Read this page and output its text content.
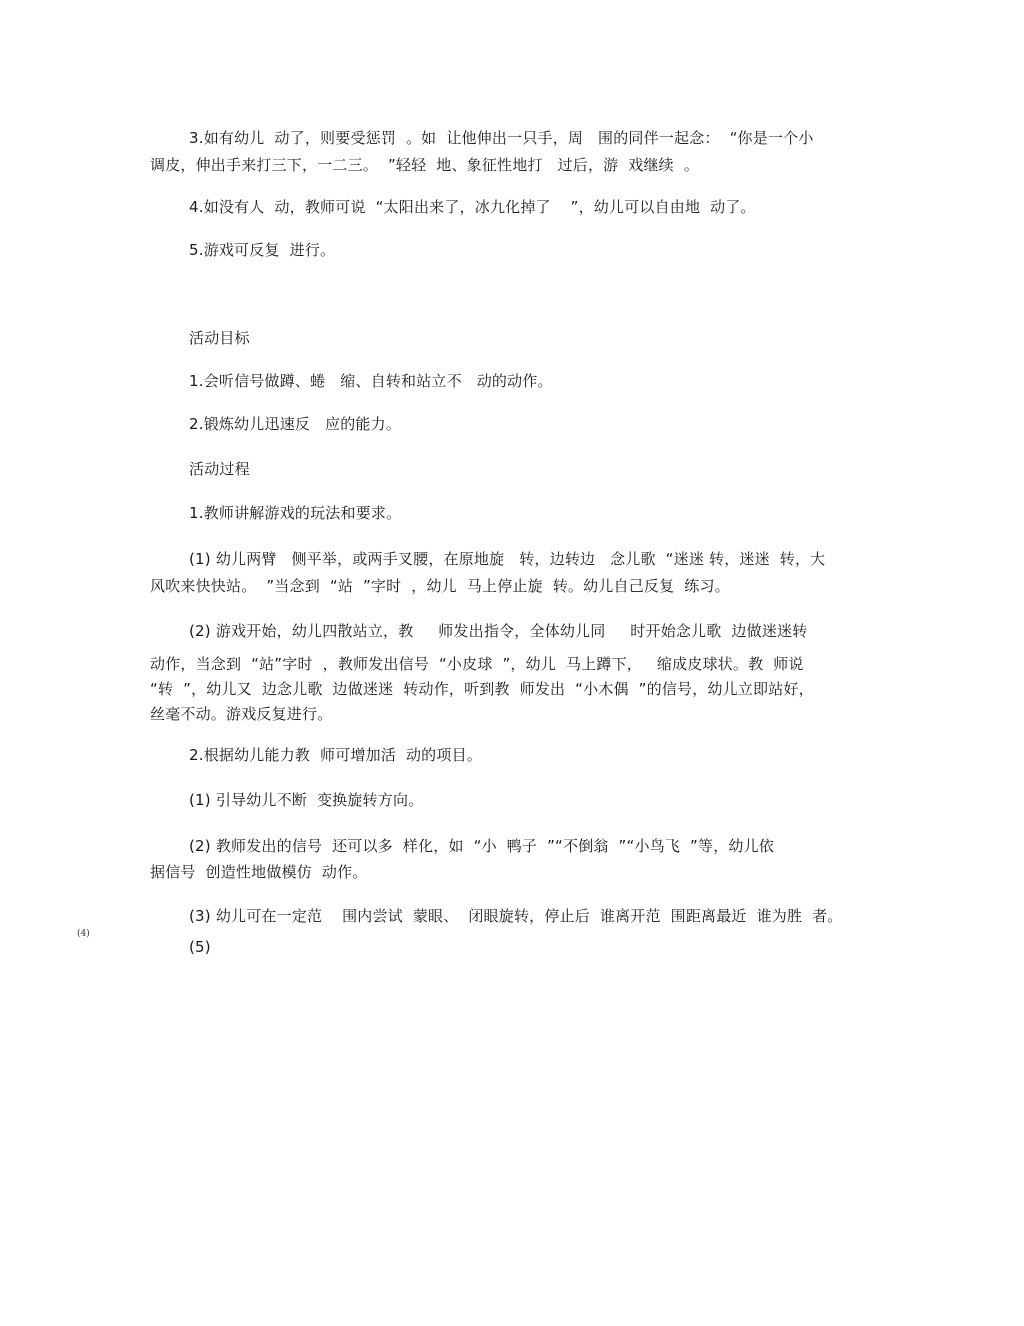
3.如有幼儿  动了，则要受惩罚  。如  让他伸出一只手，周   围的同伴一起念：  “你是一个小
调皮，伸出手来打三下，一二三。  ”轻轻  地、象征性地打   过后，游  戏继续  。
4.如没有人  动，教师可说  “太阳出来了，冰九化掉了    ”，幼儿可以自由地  动了。
5.游戏可反复  进行。
活动目标
1.会听信号做蹲、蜷   缩、自转和站立不   动的动作。
2.锻炼幼儿迅速反   应的能力。
活动过程
1.教师讲解游戏的玩法和要求。
(1) 幼儿两臂   侧平举，或两手叉腰，在原地旋   转，边转边   念儿歌  “迷迷 转，迷迷  转，大
风吹来快快站。  ”当念到  “站  ”字时  ，幼儿  马上停止旋  转。幼儿自己反复  练习。
(2) 游戏开始，幼儿四散站立，教     师发出指令，全体幼儿同     时开始念儿歌  边做迷迷转
动作，当念到  “站”字时  ，教师发出信号  “小皮球  ”，幼儿  马上蹲下，   缩成皮球状。教  师说
“转  ”，幼儿又  边念儿歌  边做迷迷  转动作，听到教  师发出  “小木偶  ”的信号，幼儿立即站好，
丝毫不动。游戏反复进行。
2.根据幼儿能力教  师可增加活  动的项目。
(1) 引导幼儿不断  变换旋转方向。
(2) 教师发出的信号  还可以多  样化，如  “小  鸭子  ”“不倒翁  ”“小鸟飞  ”等，幼儿依
据信号  创造性地做模仿  动作。
(3) 幼儿可在一定范    围内尝试  蒙眼、  闭眼旋转，停止后  谁离开范  围距离最近  谁为胜  者。
(4)
(5)
